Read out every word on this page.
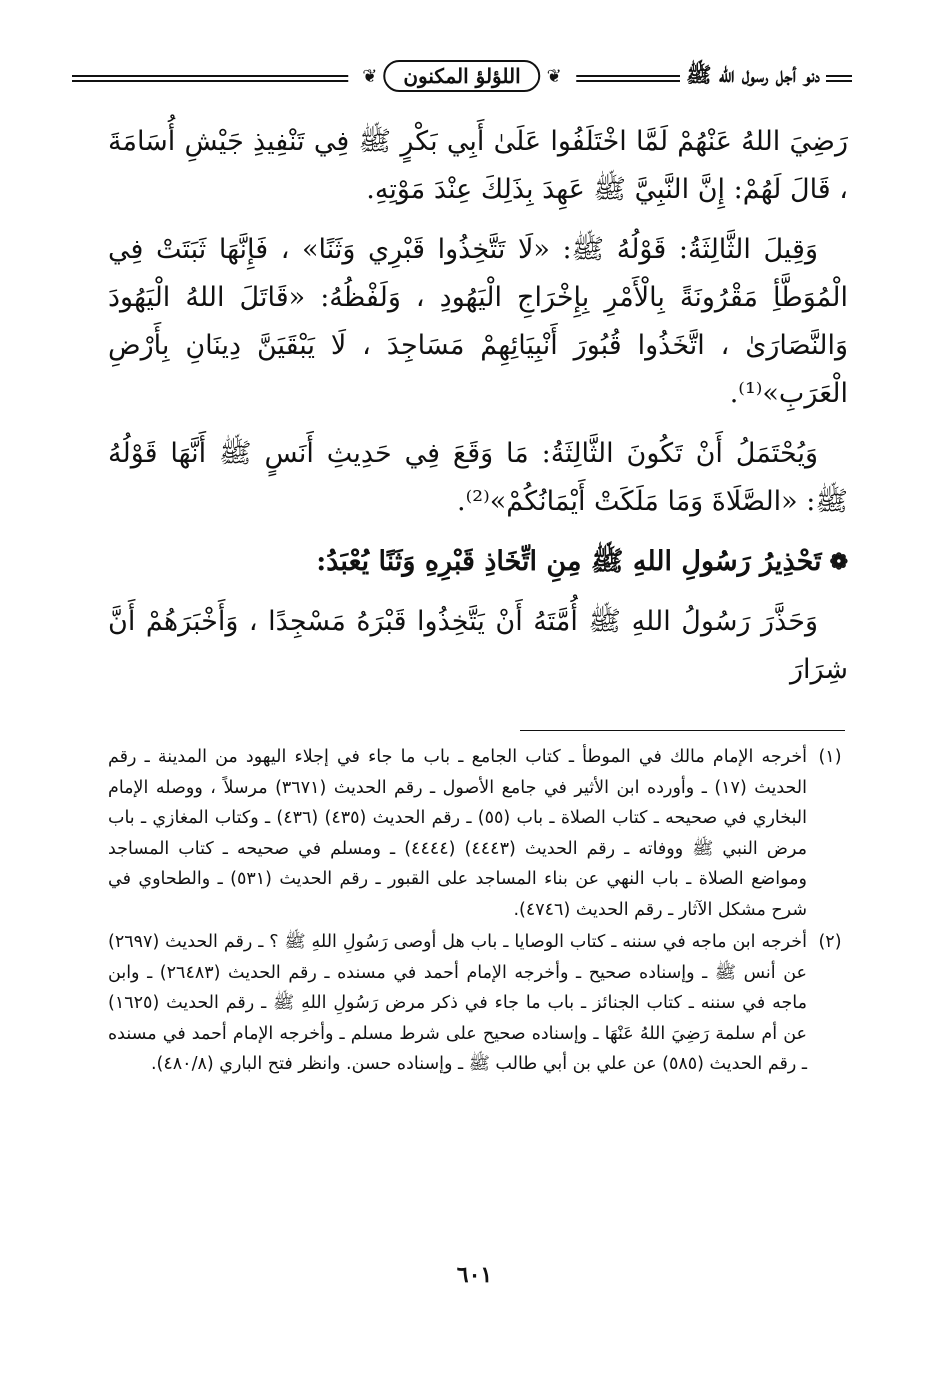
❦
اللؤلؤ المكنون
❦	دنو أجل رسول الله ﷺ

رَضِيَ اللهُ عَنْهُمْ لَمَّا اخْتَلَفُوا عَلَىٰ أَبِي بَكْرٍ ﷺ فِي تَنْفِيذِ جَيْشِ أُسَامَةَ ، قَالَ لَهُمْ: إِنَّ النَّبِيَّ ﷺ عَهِدَ بِذَلِكَ عِنْدَ مَوْتِهِ.

وَقِيلَ الثَّالِثَةُ: قَوْلُهُ ﷺ: «لَا تَتَّخِذُوا قَبْرِي وَثَنًا» ، فَإِنَّهَا ثَبَتَتْ فِي الْمُوَطَّأِ مَقْرُونَةً بِالْأَمْرِ بِإِخْرَاجِ الْيَهُودِ ، وَلَفْظُهُ: «قَاتَلَ اللهُ الْيَهُودَ وَالنَّصَارَىٰ ، اتَّخَذُوا قُبُورَ أَنْبِيَائِهِمْ مَسَاجِدَ ، لَا يَبْقَيَنَّ دِينَانِ بِأَرْضِ الْعَرَبِ»⁽¹⁾.

وَيُحْتَمَلُ أَنْ تَكُونَ الثَّالِثَةُ: مَا وَقَعَ فِي حَدِيثِ أَنَسٍ ﷺ أَنَّهَا قَوْلُهُ ﷺ: «الصَّلَاةَ وَمَا مَلَكَتْ أَيْمَانُكُمْ»⁽²⁾.

❁
تَحْذِيرُ رَسُولِ اللهِ ﷺ مِنِ اتِّخَاذِ قَبْرِهِ وَثَنًا يُعْبَدُ:

وَحَذَّرَ رَسُولُ اللهِ ﷺ أُمَّتَهُ أَنْ يَتَّخِذُوا قَبْرَهُ مَسْجِدًا ، وَأَخْبَرَهُمْ أَنَّ شِرَارَ

(١)
أخرجه الإمام مالك في الموطأ ـ كتاب الجامع ـ باب ما جاء في إجلاء اليهود من المدينة ـ رقم الحديث (١٧) ـ وأورده ابن الأثير في جامع الأصول ـ رقم الحديث (٣٦٧١) مرسلاً ، ووصله الإمام البخاري في صحيحه ـ كتاب الصلاة ـ باب (٥٥) ـ رقم الحديث (٤٣٥) (٤٣٦) ـ وكتاب المغازي ـ باب مرض النبي ﷺ ووفاته ـ رقم الحديث (٤٤٤٣) (٤٤٤٤) ـ ومسلم في صحيحه ـ كتاب المساجد ومواضع الصلاة ـ باب النهي عن بناء المساجد على القبور ـ رقم الحديث (٥٣١) ـ والطحاوي في شرح مشكل الآثار ـ رقم الحديث (٤٧٤٦).
(٢)
أخرجه ابن ماجه في سننه ـ كتاب الوصايا ـ باب هل أوصى رَسُولِ اللهِ ﷺ ؟ ـ رقم الحديث (٢٦٩٧) عن أنس ﷺ ـ وإسناده صحيح ـ وأخرجه الإمام أحمد في مسنده ـ رقم الحديث (٢٦٤٨٣) ـ وابن ماجه في سننه ـ كتاب الجنائز ـ باب ما جاء في ذكر مرض رَسُولِ اللهِ ﷺ ـ رقم الحديث (١٦٢٥) عن أم سلمة رَضِيَ اللهُ عَنْهَا ـ وإسناده صحيح على شرط مسلم ـ وأخرجه الإمام أحمد في مسنده ـ رقم الحديث (٥٨٥) عن علي بن أبي طالب ﷺ ـ وإسناده حسن. وانظر فتح الباري (٤٨٠/٨).
٦٠١
